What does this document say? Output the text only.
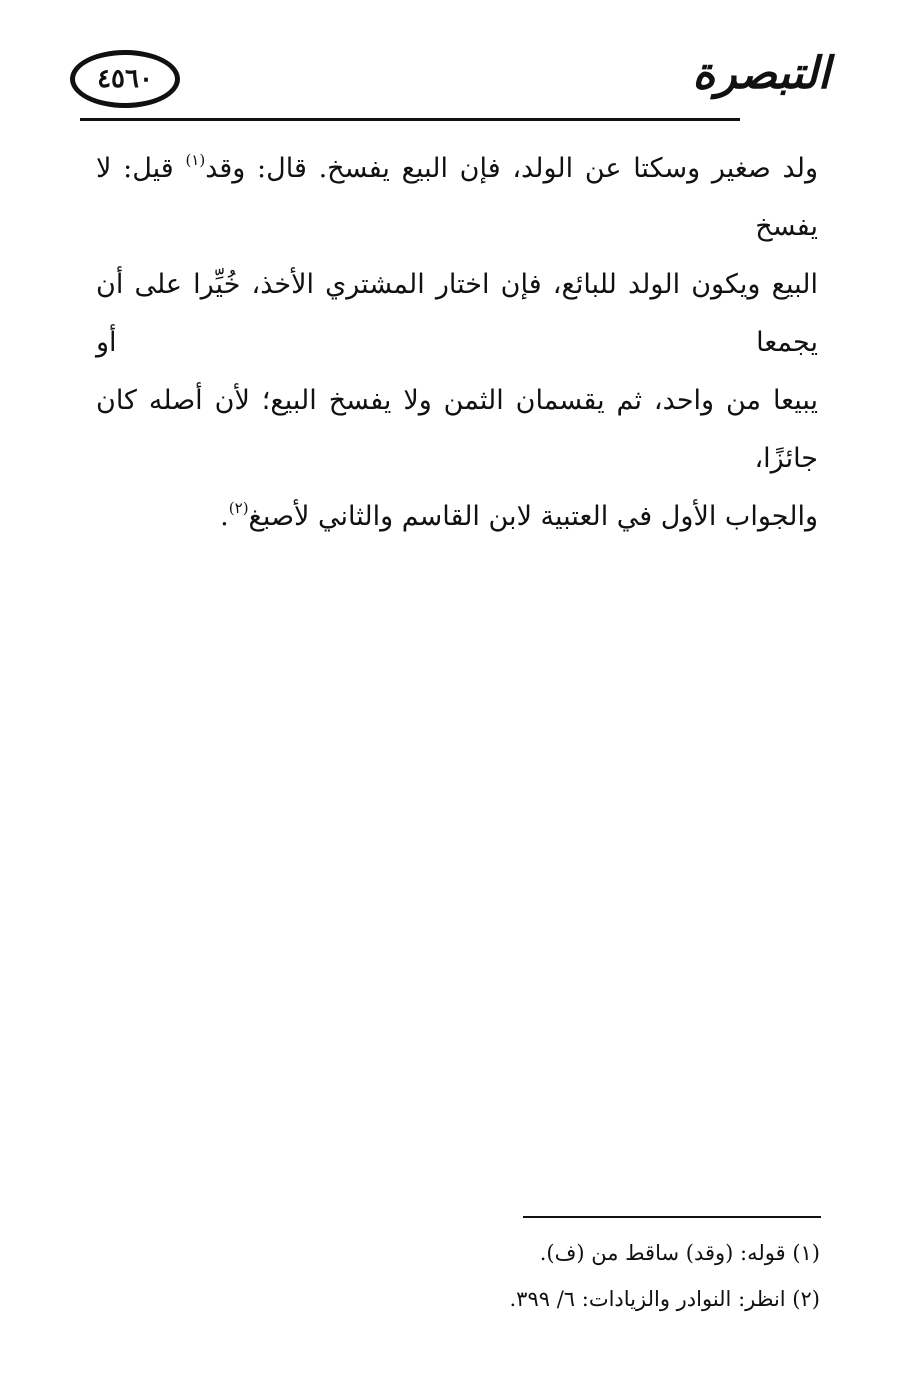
٤٥٦٠	التبصرة
ولد صغير وسكتا عن الولد، فإن البيع يفسخ. قال: وقد$^{(١)}$ قيل: لا يفسخ
البيع ويكون الولد للبائع، فإن اختار المشتري الأخذ، خُيِّرا على أن يجمعا أو
يبيعا من واحد، ثم يقسمان الثمن ولا يفسخ البيع؛ لأن أصله كان جائزًا،
والجواب الأول في العتبية لابن القاسم والثاني لأصبغ$^{(٢)}$.
(١) قوله: (وقد) ساقط من (ف).
(٢) انظر: النوادر والزيادات: ٦/ ٣٩٩.
